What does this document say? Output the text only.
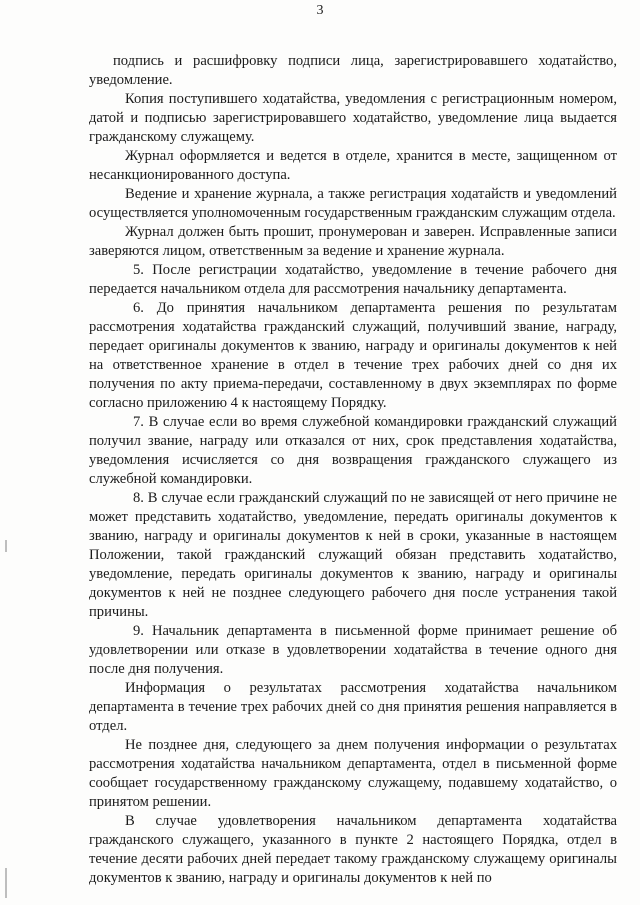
3

подпись и расшифровку подписи лица, зарегистрировавшего ходатайство, уведомление.

Копия поступившего ходатайства, уведомления с регистрационным номером, датой и подписью зарегистрировавшего ходатайство, уведомление лица выдается гражданскому служащему.

Журнал оформляется и ведется в отделе, хранится в месте, защищенном от несанкционированного доступа.

Ведение и хранение журнала, а также регистрация ходатайств и уведомлений осуществляется уполномоченным государственным гражданским служащим отдела.

Журнал должен быть прошит, пронумерован и заверен. Исправленные записи заверяются лицом, ответственным за ведение и хранение журнала.

5. После регистрации ходатайство, уведомление в течение рабочего дня передается начальником отдела для рассмотрения начальнику департамента.

6. До принятия начальником департамента решения по результатам рассмотрения ходатайства гражданский служащий, получивший звание, награду, передает оригиналы документов к званию, награду и оригиналы документов к ней на ответственное хранение в отдел в течение трех рабочих дней со дня их получения по акту приема-передачи, составленному в двух экземплярах по форме согласно приложению 4 к настоящему Порядку.

7. В случае если во время служебной командировки гражданский служащий получил звание, награду или отказался от них, срок представления ходатайства, уведомления исчисляется со дня возвращения гражданского служащего из служебной командировки.

8. В случае если гражданский служащий по не зависящей от него причине не может представить ходатайство, уведомление, передать оригиналы документов к званию, награду и оригиналы документов к ней в сроки, указанные в настоящем Положении, такой гражданский служащий обязан представить ходатайство, уведомление, передать оригиналы документов к званию, награду и оригиналы документов к ней не позднее следующего рабочего дня после устранения такой причины.

9. Начальник департамента в письменной форме принимает решение об удовлетворении или отказе в удовлетворении ходатайства в течение одного дня после дня получения.

Информация о результатах рассмотрения ходатайства начальником департамента в течение трех рабочих дней со дня принятия решения направляется в отдел.

Не позднее дня, следующего за днем получения информации о результатах рассмотрения ходатайства начальником департамента, отдел в письменной форме сообщает государственному гражданскому служащему, подавшему ходатайство, о принятом решении.

В случае удовлетворения начальником департамента ходатайства гражданского служащего, указанного в пункте 2 настоящего Порядка, отдел в течение десяти рабочих дней передает такому гражданскому служащему оригиналы документов к званию, награду и оригиналы документов к ней по
